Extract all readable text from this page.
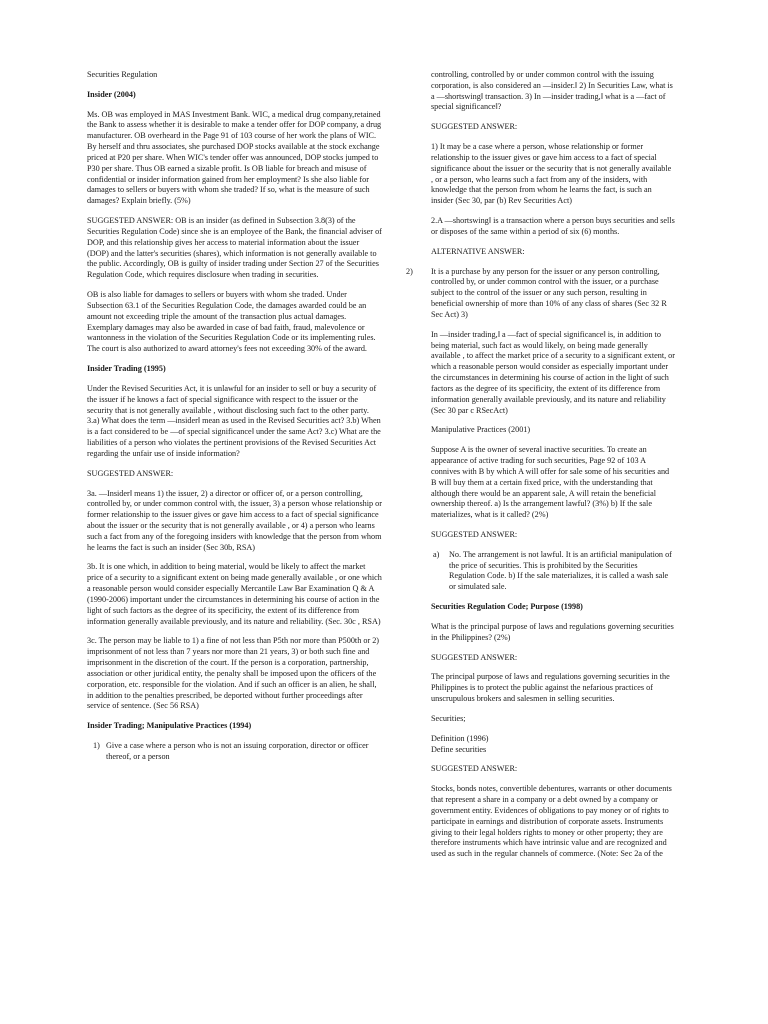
Securities Regulation

Insider (2004)

Ms. OB was employed in MAS Investment Bank. WIC, a medical drug company,retained the Bank to assess whether it is desirable to make a tender offer for DOP company, a drug manufacturer. OB overheard in the Page 91 of 103 course of her work the plans of WIC. By herself and thru associates, she purchased DOP stocks available at the stock exchange priced at P20 per share. When WIC's tender offer was announced, DOP stocks jumped to P30 per share. Thus OB earned a sizable profit. Is OB liable for breach and misuse of confidential or insider information gained from her employment? Is she also liable for damages to sellers or buyers with whom she traded? If so, what is the measure of such damages? Explain briefly. (5%)

SUGGESTED ANSWER: OB is an insider (as defined in Subsection 3.8(3) of the Securities Regulation Code) since she is an employee of the Bank, the financial adviser of DOP, and this relationship gives her access to material information about the issuer (DOP) and the latter's securities (shares), which information is not generally available to the public. Accordingly, OB is guilty of insider trading under Section 27 of the Securities Regulation Code, which requires disclosure when trading in securities.

OB is also liable for damages to sellers or buyers with whom she traded. Under Subsection 63.1 of the Securities Regulation Code, the damages awarded could be an amount not exceeding triple the amount of the transaction plus actual damages. Exemplary damages may also be awarded in case of bad faith, fraud, malevolence or wantonness in the violation of the Securities Regulation Code or its implementing rules. The court is also authorized to award attorney's fees not exceeding 30% of the award.

Insider Trading (1995)

Under the Revised Securities Act, it is unlawful for an insider to sell or buy a security of the issuer if he knows a fact of special significance with respect to the issuer or the security that is not generally available , without disclosing such fact to the other party. 3.a) What does the term ―insider‖ mean as used in the Revised Securities act? 3.b) When is a fact considered to be ―of special significance‖ under the same Act? 3.c) What are the liabilities of a person who violates the pertinent provisions of the Revised Securities Act regarding the unfair use of inside information?

SUGGESTED ANSWER:

3a. ―Insider‖ means 1) the issuer, 2) a director or officer of, or a person controlling, controlled by, or under common control with, the issuer, 3) a person whose relationship or former relationship to the issuer gives or gave him access to a fact of special significance about the issuer or the security that is not generally available , or 4) a person who learns such a fact from any of the foregoing insiders with knowledge that the person from whom he learns the fact is such an insider (Sec 30b, RSA)

3b. It is one which, in addition to being material, would be likely to affect the market price of a security to a significant extent on being made generally available , or one which a reasonable person would consider especially Mercantile Law Bar Examination Q & A (1990-2006) important under the circumstances in determining his course of action in the light of such factors as the degree of its specificity, the extent of its difference from information generally available previously, and its nature and reliability. (Sec. 30c , RSA)

3c. The person may be liable to 1) a fine of not less than P5th nor more than P500th or 2) imprisonment of not less than 7 years nor more than 21 years, 3) or both such fine and imprisonment in the discretion of the court. If the person is a corporation, partnership, association or other juridical entity, the penalty shall be imposed upon the officers of the corporation, etc. responsible for the violation. And if such an officer is an alien, he shall, in addition to the penalties prescribed, be deported without further proceedings after service of sentence. (Sec 56 RSA)

Insider Trading; Manipulative Practices (1994)

1) Give a case where a person who is not an issuing corporation, director or officer thereof, or a person

controlling, controlled by or under common control with the issuing corporation, is also considered an ―insider.‖ 2) In Securities Law, what is a ―shortswing‖ transaction. 3) In ―insider trading,‖ what is a ―fact of special significance‖?

SUGGESTED ANSWER:

1) It may be a case where a person, whose relationship or former relationship to the issuer gives or gave him access to a fact of special significance about the issuer or the security that is not generally available , or a person, who learns such a fact from any of the insiders, with knowledge that the person from whom he learns the fact, is such an insider (Sec 30, par (b) Rev Securities Act)

2.A ―shortswing‖ is a transaction where a person buys securities and sells or disposes of the same within a period of six (6) months.

ALTERNATIVE ANSWER:

2) It is a purchase by any person for the issuer or any person controlling, controlled by, or under common control with the issuer, or a purchase subject to the control of the issuer or any such person, resulting in beneficial ownership of more than 10% of any class of shares (Sec 32 R Sec Act) 3)

In ―insider trading,‖ a ―fact of special significance‖ is, in addition to being material, such fact as would likely, on being made generally available , to affect the market price of a security to a significant extent, or which a reasonable person would consider as especially important under the circumstances in determining his course of action in the light of such factors as the degree of its specificity, the extent of its difference from information generally available previously, and its nature and reliability (Sec 30 par c RSecAct)

Manipulative Practices (2001)

Suppose A is the owner of several inactive securities. To create an appearance of active trading for such securities, Page 92 of 103 A connives with B by which A will offer for sale some of his securities and B will buy them at a certain fixed price, with the understanding that although there would be an apparent sale, A will retain the beneficial ownership thereof. a) Is the arrangement lawful? (3%) b) If the sale materializes, what is it called? (2%)

SUGGESTED ANSWER:

a) No. The arrangement is not lawful. It is an artificial manipulation of the price of securities. This is prohibited by the Securities Regulation Code. b) If the sale materializes, it is called a wash sale or simulated sale.

Securities Regulation Code; Purpose (1998)

What is the principal purpose of laws and regulations governing securities in the Philippines? (2%)

SUGGESTED ANSWER:

The principal purpose of laws and regulations governing securities in the Philippines is to protect the public against the nefarious practices of unscrupulous brokers and salesmen in selling securities.

Securities;

Definition (1996)
Define securities

SUGGESTED ANSWER:

Stocks, bonds notes, convertible debentures, warrants or other documents that represent a share in a company or a debt owned by a company or government entity. Evidences of obligations to pay money or of rights to participate in earnings and distribution of corporate assets. Instruments giving to their legal holders rights to money or other property; they are therefore instruments which have intrinsic value and are recognized and used as such in the regular channels of commerce. (Note: Sec 2a of the
